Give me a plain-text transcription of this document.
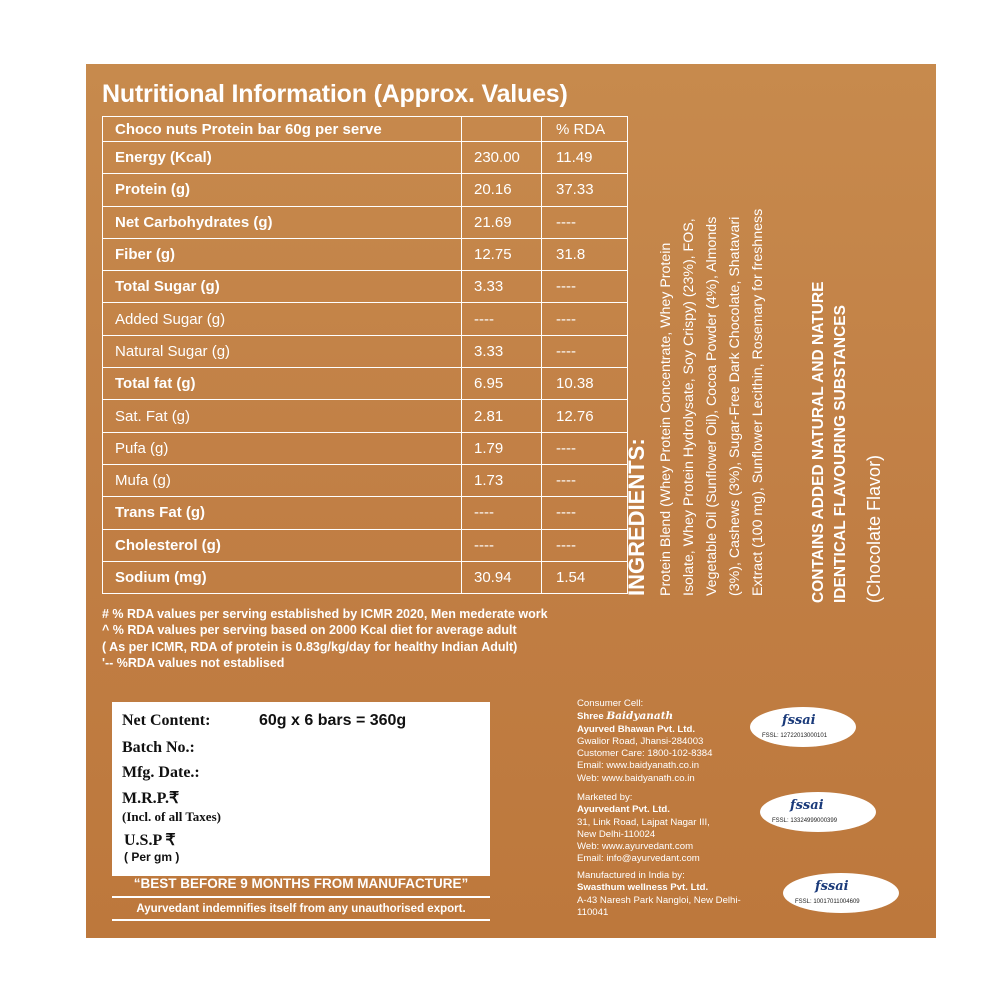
Nutritional Information (Approx. Values)
Choco nuts Protein bar 60g per serve		% RDA
Energy (Kcal)	230.00	11.49
Protein (g)	20.16	37.33
Net Carbohydrates (g)	21.69	----
Fiber (g)	12.75	31.8
Total Sugar (g)	3.33	----
Added Sugar (g)	----	----
Natural Sugar (g)	3.33	----
Total fat (g)	6.95	10.38
Sat. Fat (g)	2.81	12.76
Pufa (g)	1.79	----
Mufa (g)	1.73	----
Trans Fat (g)	----	----
Cholesterol (g)	----	----
Sodium (mg)	30.94	1.54
# % RDA values per serving established by ICMR 2020, Men mederate work
^ % RDA values per serving based on 2000 Kcal diet for average adult
( As per ICMR, RDA of protein is 0.83g/kg/day for healthy Indian Adult)
'-- %RDA values not establised
Net Content:	60g x 6 bars = 360g
Batch No.:
Mfg. Date.:
M.R.P.₹
(Incl. of all Taxes)
U.S.P ₹
( Per gm )
“BEST BEFORE 9 MONTHS FROM MANUFACTURE”
Ayurvedant indemnifies itself from any unauthorised export.
INGREDIENTS: Protein Blend (Whey Protein Concentrate, Whey Protein Isolate, Whey Protein Hydrolysate, Soy Crispy) (23%), FOS, Vegetable Oil (Sunflower Oil), Cocoa Powder (4%), Almonds (3%), Cashews (3%), Sugar-Free Dark Chocolate, Shatavari Extract (100 mg), Sunflower Lecithin, Rosemary for freshness	CONTAINS ADDED NATURAL AND NATURE IDENTICAL FLAVOURING SUBSTANCES (Chocolate Flavor)
Consumer Cell:
Shree Baidyanath
Ayurved Bhawan Pvt. Ltd.
Gwalior Road, Jhansi-284003
Customer Care: 1800-102-8384
Email: www.baidyanath.co.in
Web: www.baidyanath.co.in
Marketed by:
Ayurvedant Pvt. Ltd.
31, Link Road, Lajpat Nagar III,
New Delhi-110024
Web: www.ayurvedant.com
Email: info@ayurvedant.com
Manufactured in India by:
Swasthum wellness Pvt. Ltd.
A-43 Naresh Park Nangloi, New Delhi-
110041
fssai
FSSL: 12722013000101
fssai
FSSL: 13324999000399
fssai
FSSL: 10017011004609
